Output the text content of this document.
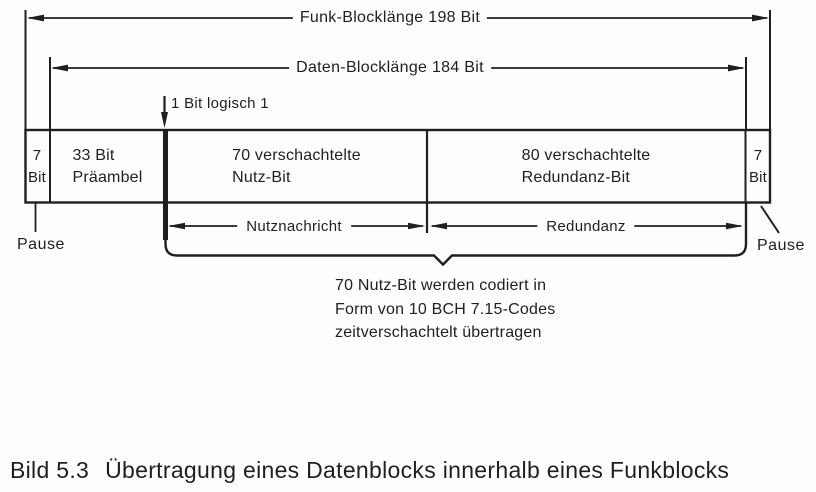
Funk-Blocklänge 198 Bit
Daten-Blocklänge 184 Bit
1 Bit logisch 1
7
Bit
33 Bit
Präambel
70 verschachtelte
Nutz-Bit
80 verschachtelte
Redundanz-Bit
7
Bit
Pause	Pause
Nutznachricht	Redundanz
70 Nutz-Bit werden codiert in
Form von 10 BCH 7.15-Codes
zeitverschachtelt übertragen
Bild 5.3 Übertragung eines Datenblocks innerhalb eines Funkblocks
